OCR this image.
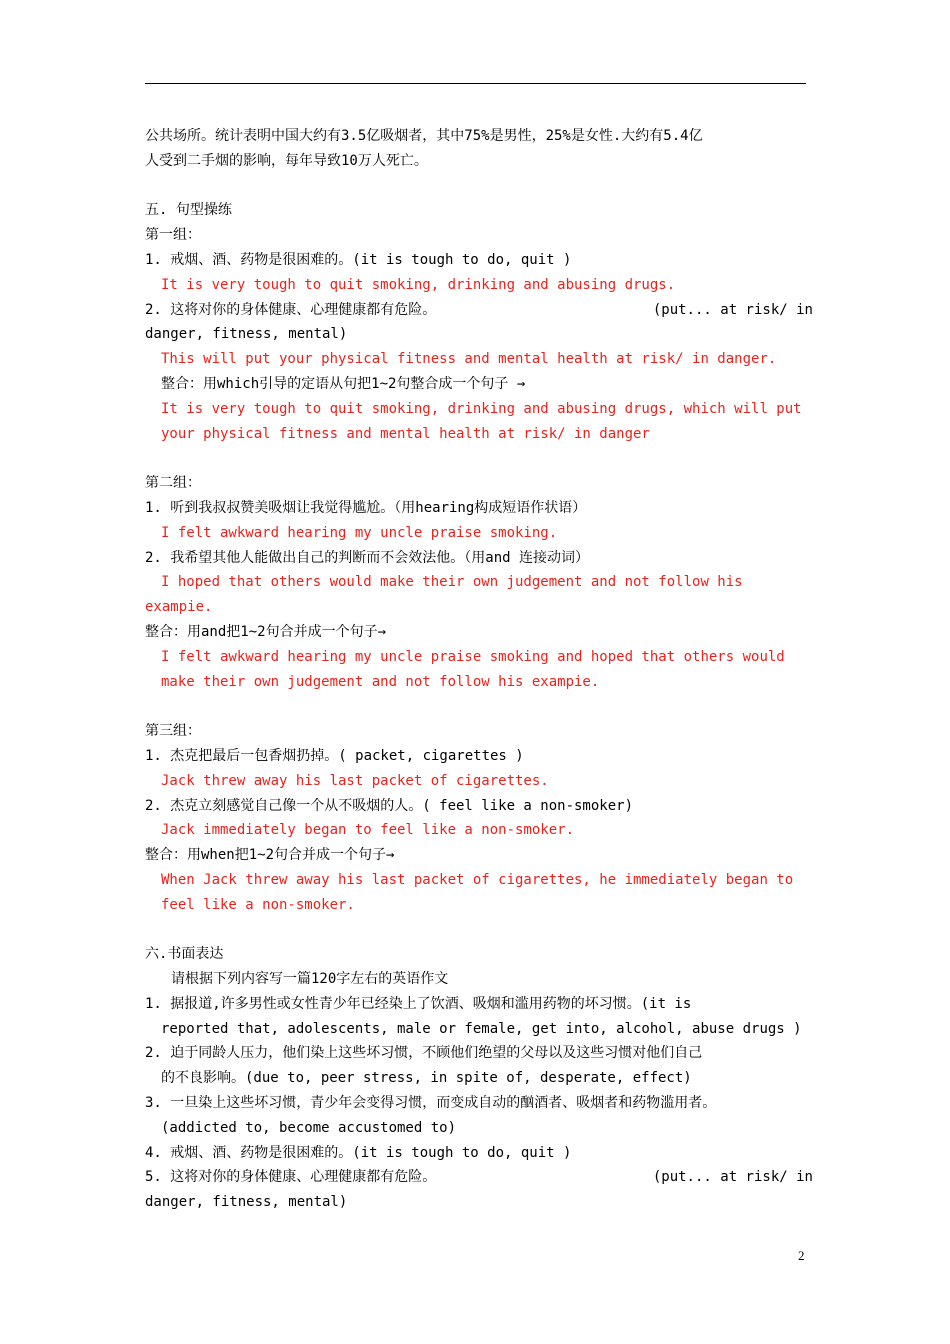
公共场所。统计表明中国大约有3.5亿吸烟者，其中75%是男性，25%是女性.大约有5.4亿
人受到二手烟的影响，每年导致10万人死亡。
五. 句型操练
第一组：
1. 戒烟、酒、药物是很困难的。(it is tough to do, quit )
It is very tough to quit smoking, drinking and abusing drugs.
2. 这将对你的身体健康、心理健康都有危险。	(put... at risk/ in
danger, fitness, mental)
This will put your physical fitness and mental health at risk/ in danger.
整合：用which引导的定语从句把1~2句整合成一个句子 →
It is very tough to quit smoking, drinking and abusing drugs, which will put
your physical fitness and mental health at risk/ in danger
第二组：
1. 听到我叔叔赞美吸烟让我觉得尴尬。（用hearing构成短语作状语）
I felt awkward hearing my uncle praise smoking.
2. 我希望其他人能做出自己的判断而不会效法他。（用and 连接动词）
I hoped that others would make their own judgement and not follow his
exampie.
整合：用and把1~2句合并成一个句子→
I felt awkward hearing my uncle praise smoking and hoped that others would
make their own judgement and not follow his exampie.
第三组：
1. 杰克把最后一包香烟扔掉。( packet, cigarettes )
Jack threw away his last packet of cigarettes.
2. 杰克立刻感觉自己像一个从不吸烟的人。( feel like a non-smoker)
Jack immediately began to feel like a non-smoker.
整合：用when把1~2句合并成一个句子→
When Jack threw away his last packet of cigarettes, he immediately began to
feel like a non-smoker.
六.书面表达
请根据下列内容写一篇120字左右的英语作文
1. 据报道,许多男性或女性青少年已经染上了饮酒、吸烟和滥用药物的坏习惯。(it is
reported that, adolescents, male or female, get into, alcohol, abuse drugs )
2. 迫于同龄人压力，他们染上这些坏习惯，不顾他们绝望的父母以及这些习惯对他们自己
的不良影响。(due to, peer stress, in spite of, desperate, effect)
3. 一旦染上这些坏习惯，青少年会变得习惯，而变成自动的酗酒者、吸烟者和药物滥用者。
(addicted to, become accustomed to)
4. 戒烟、酒、药物是很困难的。(it is tough to do, quit )
5. 这将对你的身体健康、心理健康都有危险。	(put... at risk/ in
danger, fitness, mental)
2
